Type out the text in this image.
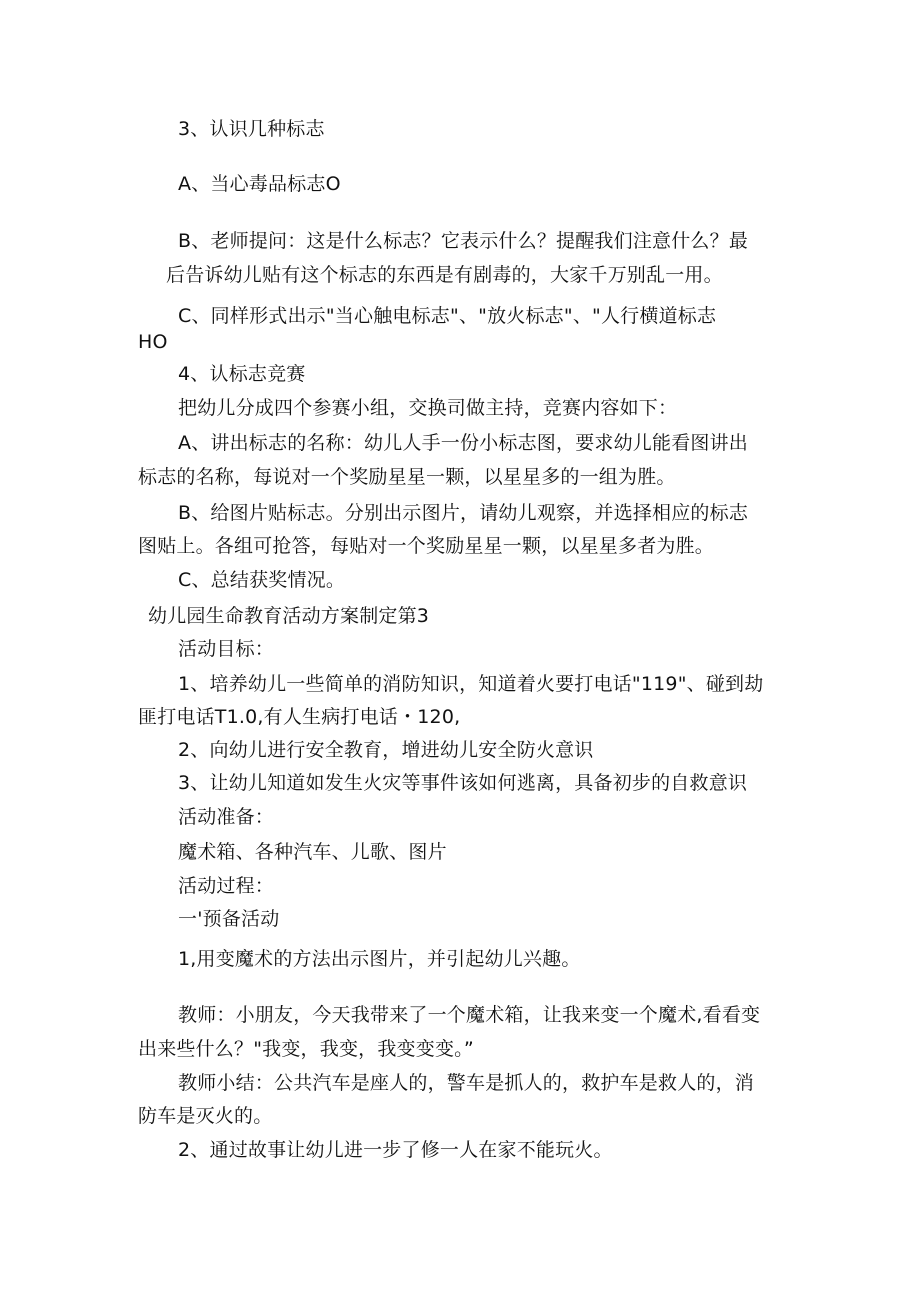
3、认识几种标志
A、当心毒品标志O
B、老师提问：这是什么标志？它表示什么？提醒我们注意什么？最
后告诉幼儿贴有这个标志的东西是有剧毒的，大家千万别乱一用。
C、同样形式出示"当心触电标志"、"放火标志"、"人行横道标志
HO
4、认标志竞赛
把幼儿分成四个参赛小组，交换司做主持，竞赛内容如下：
A、讲出标志的名称：幼儿人手一份小标志图，要求幼儿能看图讲出
标志的名称，每说对一个奖励星星一颗，以星星多的一组为胜。
B、给图片贴标志。分别出示图片，请幼儿观察，并选择相应的标志
图贴上。各组可抢答，每贴对一个奖励星星一颗，以星星多者为胜。
C、总结获奖情况。
幼儿园生命教育活动方案制定第3
活动目标：
1、培养幼儿一些简单的消防知识，知道着火要打电话"119"、碰到劫
匪打电话T1.0,有人生病打电话・120,
2、向幼儿进行安全教育，增进幼儿安全防火意识
3、让幼儿知道如发生火灾等事件该如何逃离，具备初步的自救意识
活动准备：
魔术箱、各种汽车、儿歌、图片
活动过程：
一'预备活动
1,用变魔术的方法出示图片，并引起幼儿兴趣。
教师：小朋友，今天我带来了一个魔术箱，让我来变一个魔术,看看变
出来些什么？"我变，我变，我变变变。”
教师小结：公共汽车是座人的，警车是抓人的，救护车是救人的，消
防车是灭火的。
2、通过故事让幼儿进一步了修一人在家不能玩火。
